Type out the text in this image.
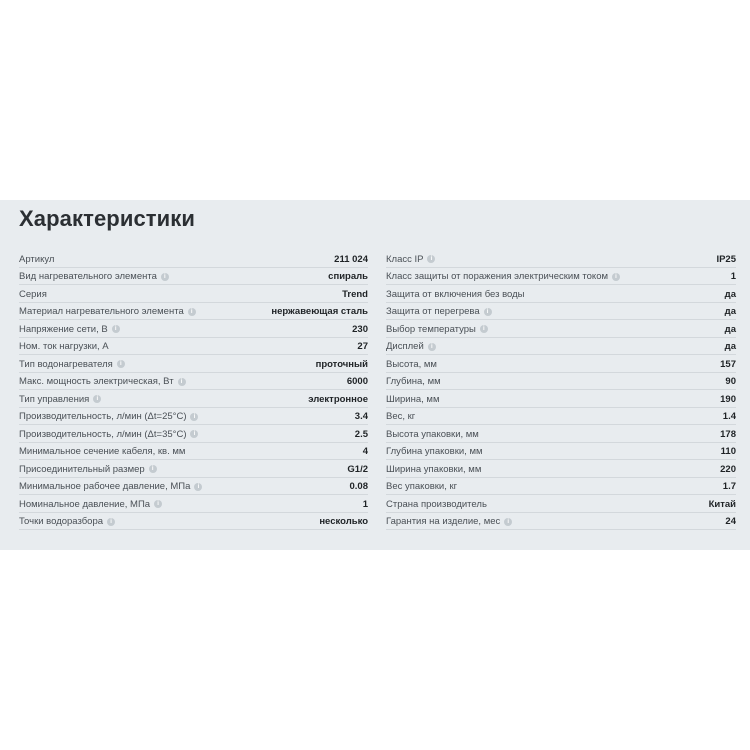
Характеристики
Артикул	211 024
Вид нагревательного элемента	i	спираль
Серия	Trend
Материал нагревательного элемента	i	нержавеющая сталь
Напряжение сети, В	i	230
Ном. ток нагрузки, А	27
Тип водонагревателя	i	проточный
Макс. мощность электрическая, Вт	i	6000
Тип управления	i	электронное
Производительность, л/мин (Δt=25°C)	i	3.4
Производительность, л/мин (Δt=35°C)	i	2.5
Минимальное сечение кабеля, кв. мм	4
Присоединительный размер	i	G1/2
Минимальное рабочее давление, МПа	i	0.08
Номинальное давление, МПа	i	1
Точки водоразбора	i	несколько
Класс IP	i	IP25
Класс защиты от поражения электрическим током	i	1
Защита от включения без воды	да
Защита от перегрева	i	да
Выбор температуры	i	да
Дисплей	i	да
Высота, мм	157
Глубина, мм	90
Ширина, мм	190
Вес, кг	1.4
Высота упаковки, мм	178
Глубина упаковки, мм	110
Ширина упаковки, мм	220
Вес упаковки, кг	1.7
Страна производитель	Китай
Гарантия на изделие, мес	i	24
